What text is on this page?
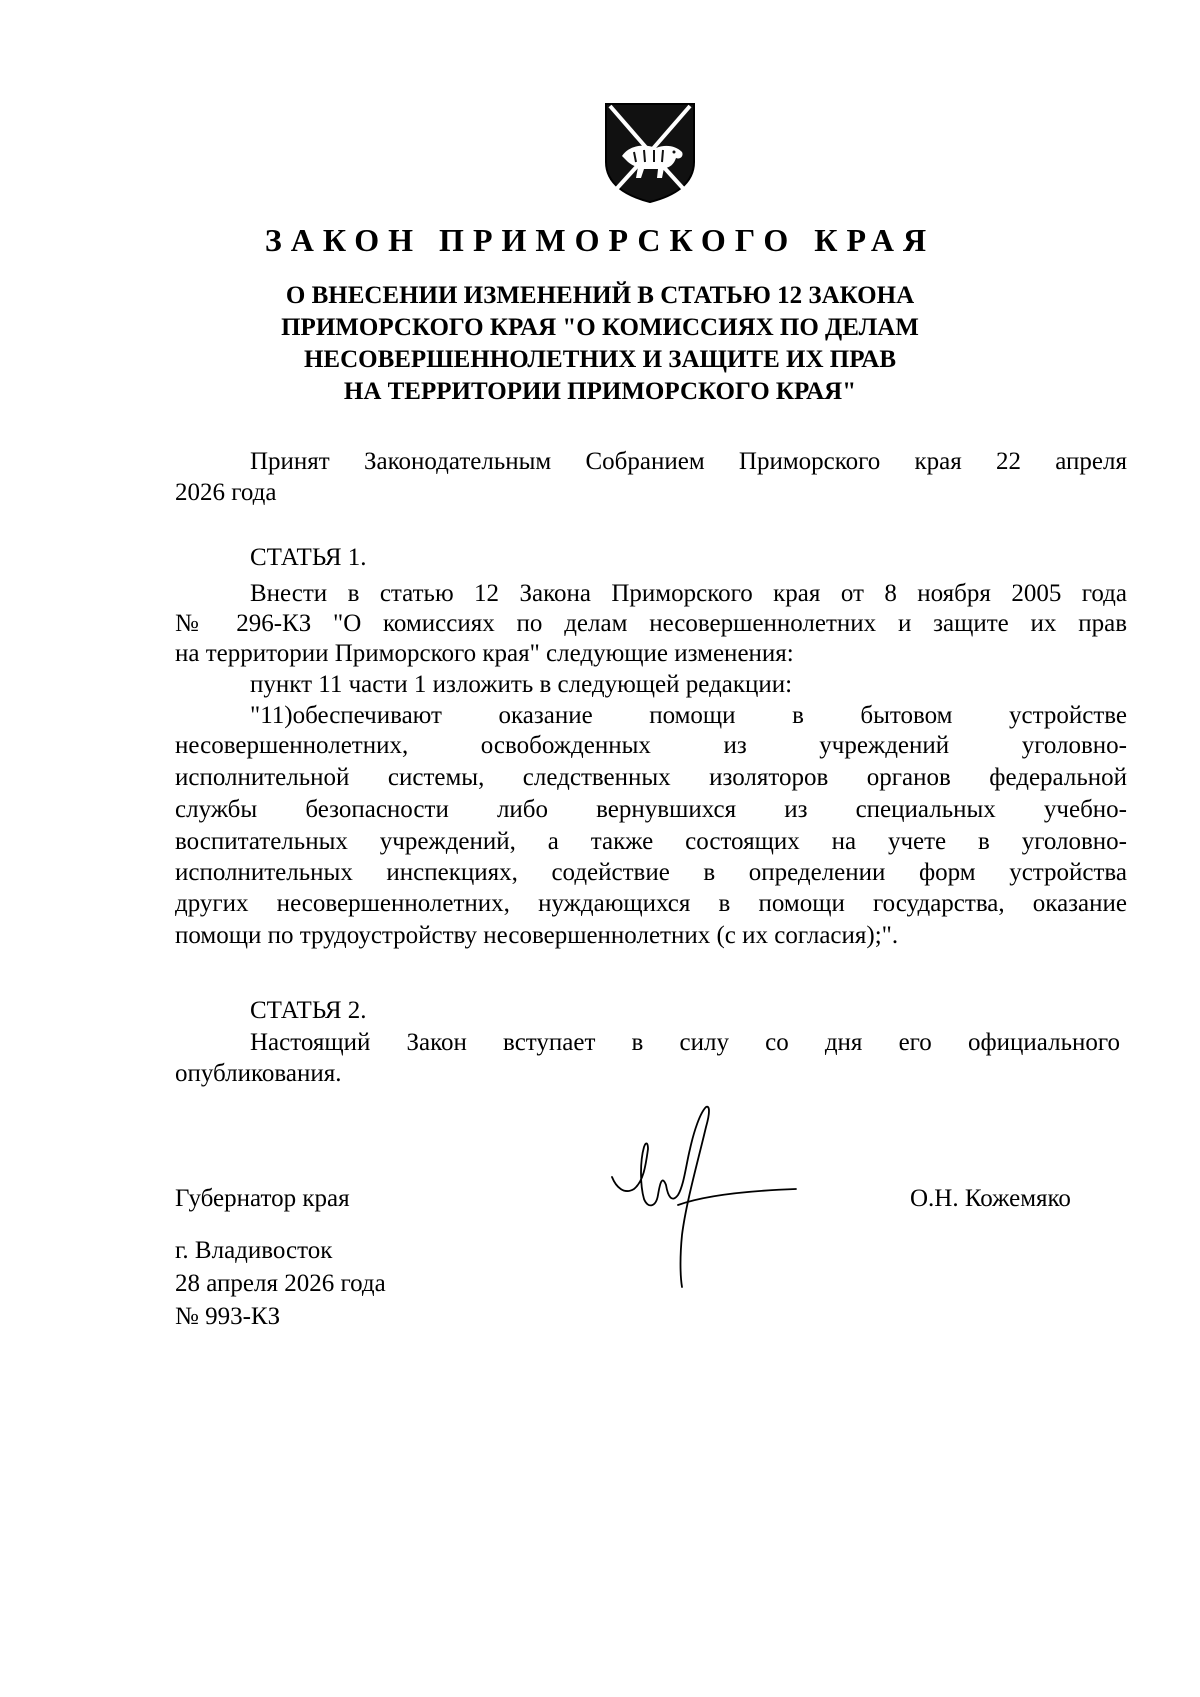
ЗАКОН ПРИМОРСКОГО КРАЯ
О ВНЕСЕНИИ ИЗМЕНЕНИЙ В СТАТЬЮ 12 ЗАКОНА
ПРИМОРСКОГО КРАЯ "О КОМИССИЯХ ПО ДЕЛАМ
НЕСОВЕРШЕННОЛЕТНИХ И ЗАЩИТЕ ИХ ПРАВ
НА ТЕРРИТОРИИ ПРИМОРСКОГО КРАЯ"
Принят Законодательным Собранием Приморского края 22 апреля
2026 года
СТАТЬЯ 1.
Внести в статью 12 Закона Приморского края от 8 ноября 2005 года
№ 296-КЗ "О комиссиях по делам несовершеннолетних и защите их прав
на территории Приморского края" следующие изменения:
пункт 11 части 1 изложить в следующей редакции:
"11)обеспечивают оказание помощи в бытовом устройстве
несовершеннолетних, освобожденных из учреждений уголовно-
исполнительной системы, следственных изоляторов органов федеральной
службы безопасности либо вернувшихся из специальных учебно-
воспитательных учреждений, а также состоящих на учете в уголовно-
исполнительных инспекциях, содействие в определении форм устройства
других несовершеннолетних, нуждающихся в помощи государства, оказание
помощи по трудоустройству несовершеннолетних (с их согласия);".
СТАТЬЯ 2.
Настоящий Закон вступает в силу со дня его официального
опубликования.
Губернатор края	О.Н. Кожемяко
г. Владивосток
28 апреля 2026 года
№ 993-КЗ
